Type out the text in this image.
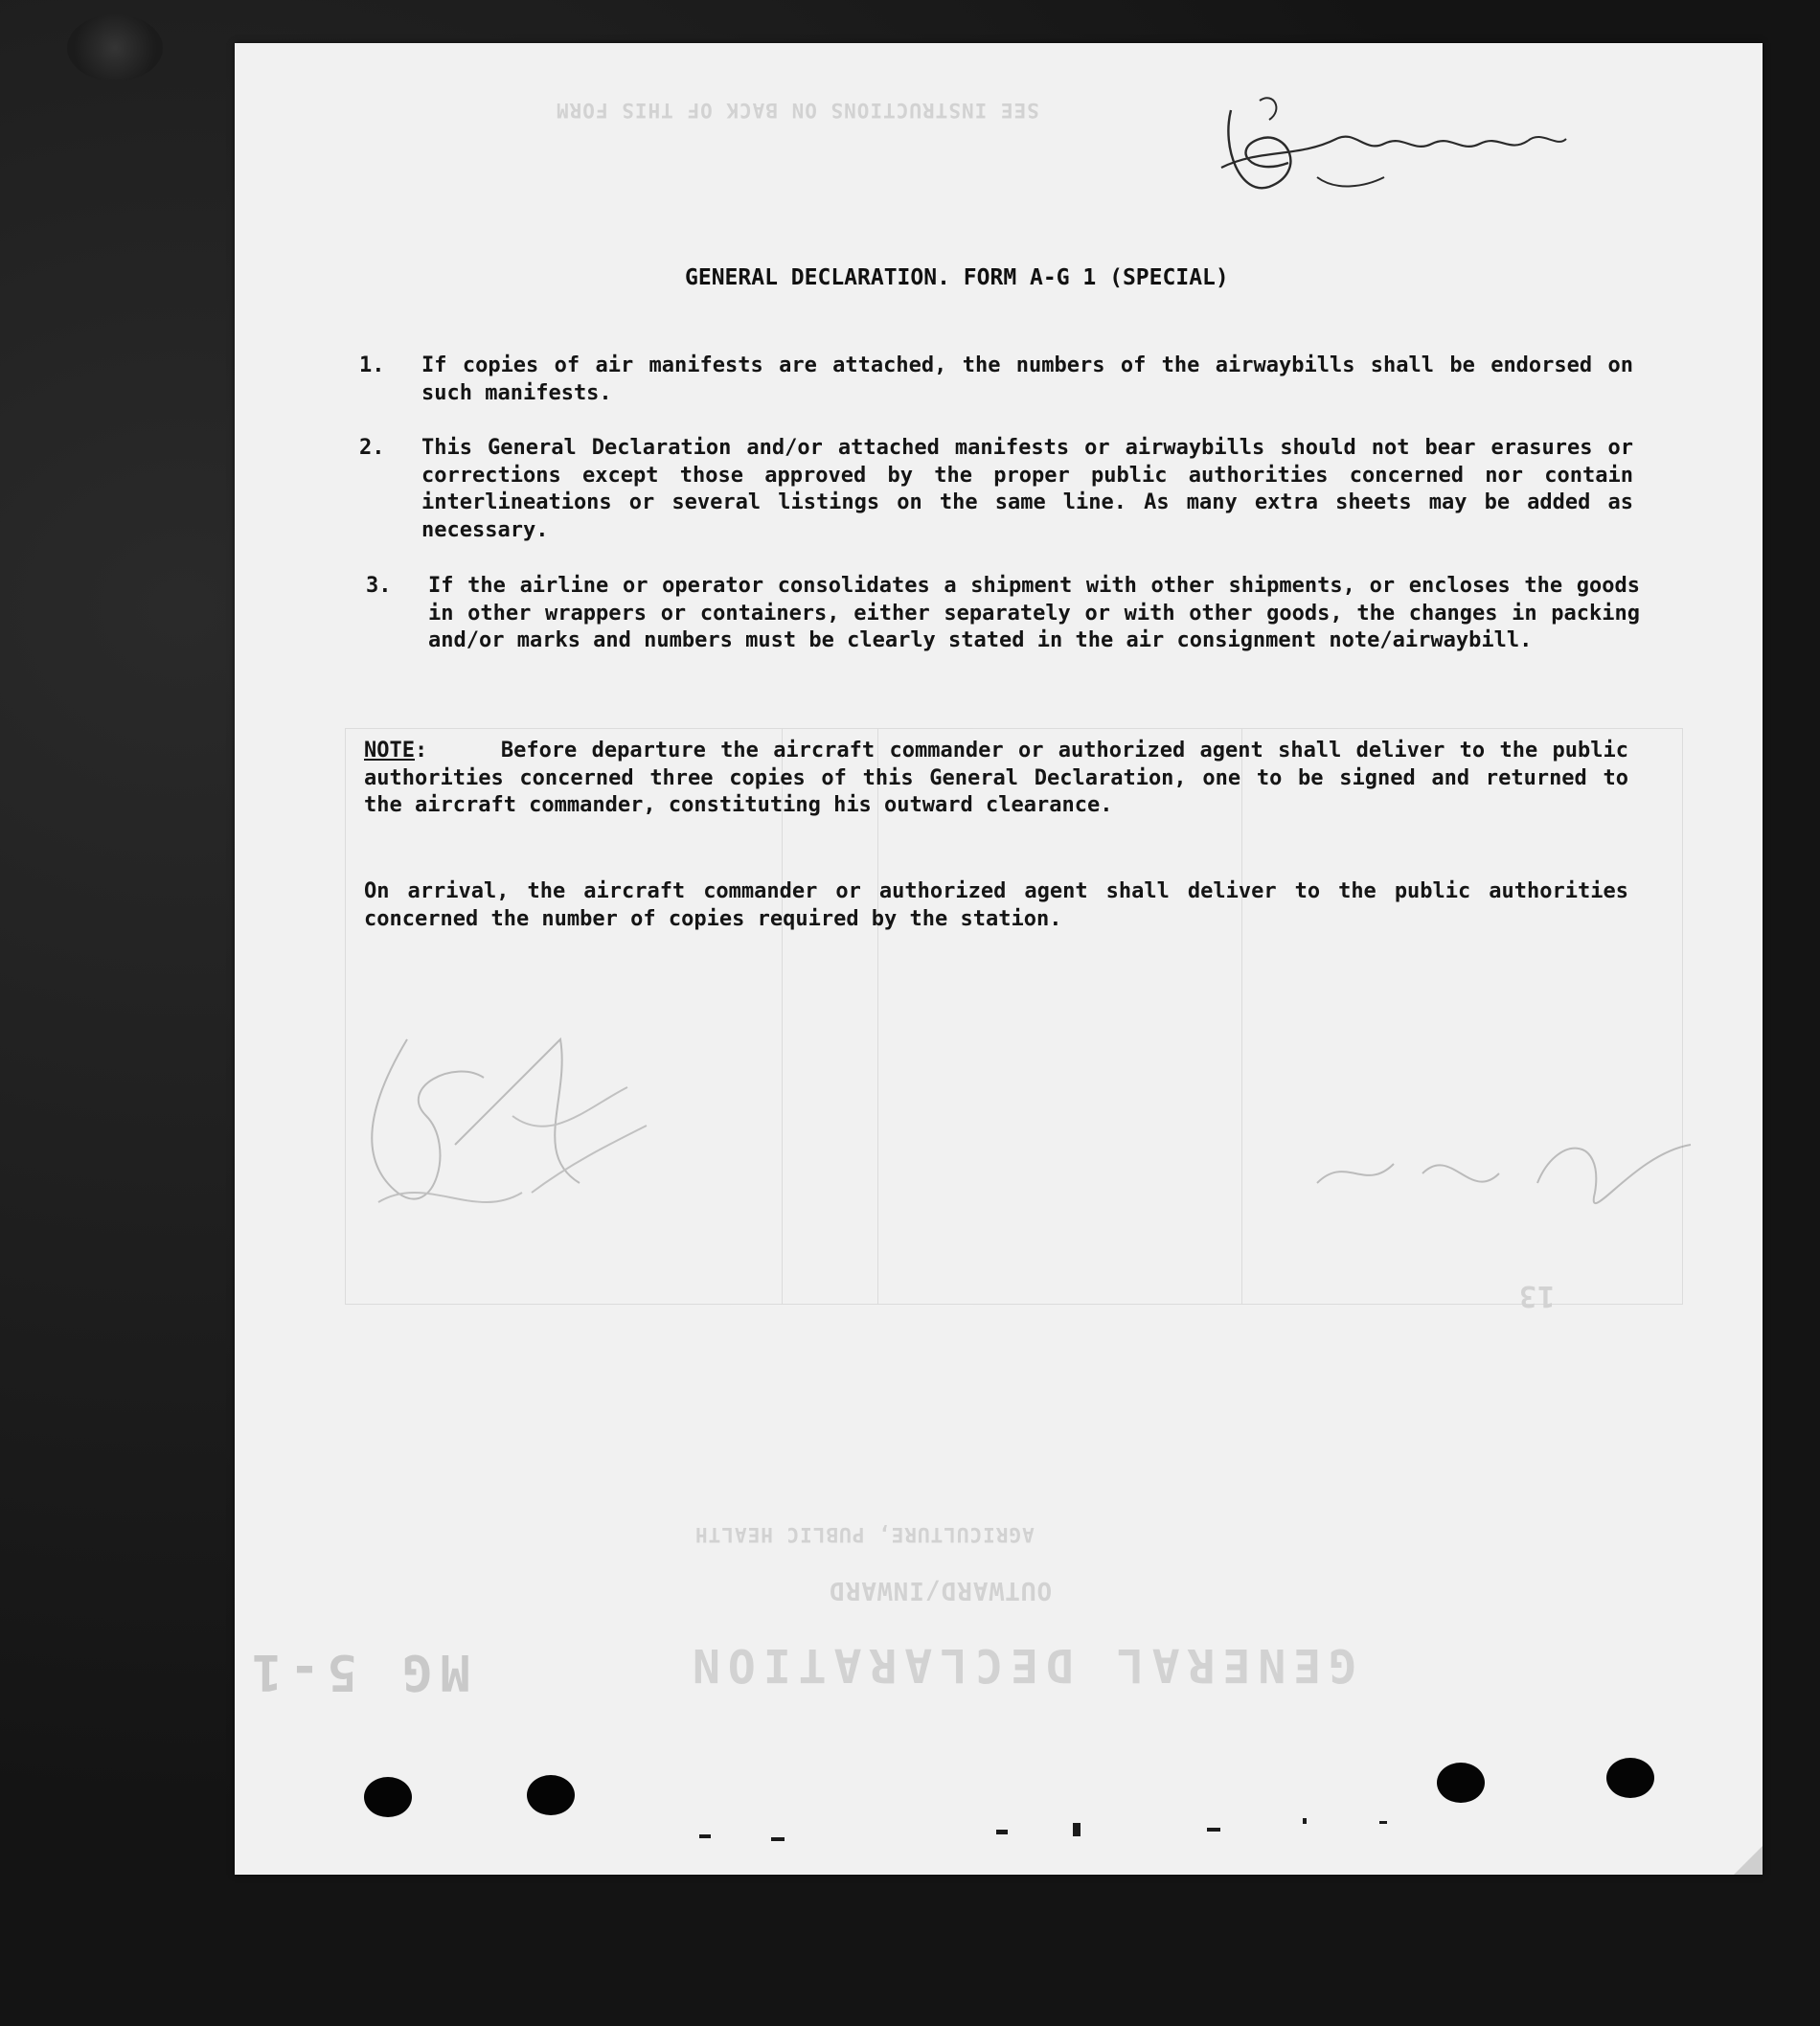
SEE INSTRUCTIONS ON BACK OF THIS FORM
GENERAL DECLARATION
OUTWARD/INWARD
AGRICULTURE, PUBLIC HEALTH
MG 5-1
13
GENERAL DECLARATION. FORM A-G 1 (SPECIAL)
1. If copies of air manifests are attached, the numbers of the airwaybills shall be endorsed on such manifests.
2. This General Declaration and/or attached manifests or airwaybills should not bear erasures or corrections except those approved by the proper public authorities concerned nor contain interlineations or several listings on the same line. As many extra sheets may be added as necessary.
3. If the airline or operator consolidates a shipment with other shipments, or encloses the goods in other wrappers or containers, either separately or with other goods, the changes in packing and/or marks and numbers must be clearly stated in the air consignment note/airwaybill.
NOTE:	Before departure the aircraft commander or authorized agent shall deliver to the public authorities concerned three copies of this General Declaration, one to be signed and returned to the aircraft commander, constituting his outward clearance.
On arrival, the aircraft commander or authorized agent shall deliver to the public authorities concerned the number of copies required by the station.
